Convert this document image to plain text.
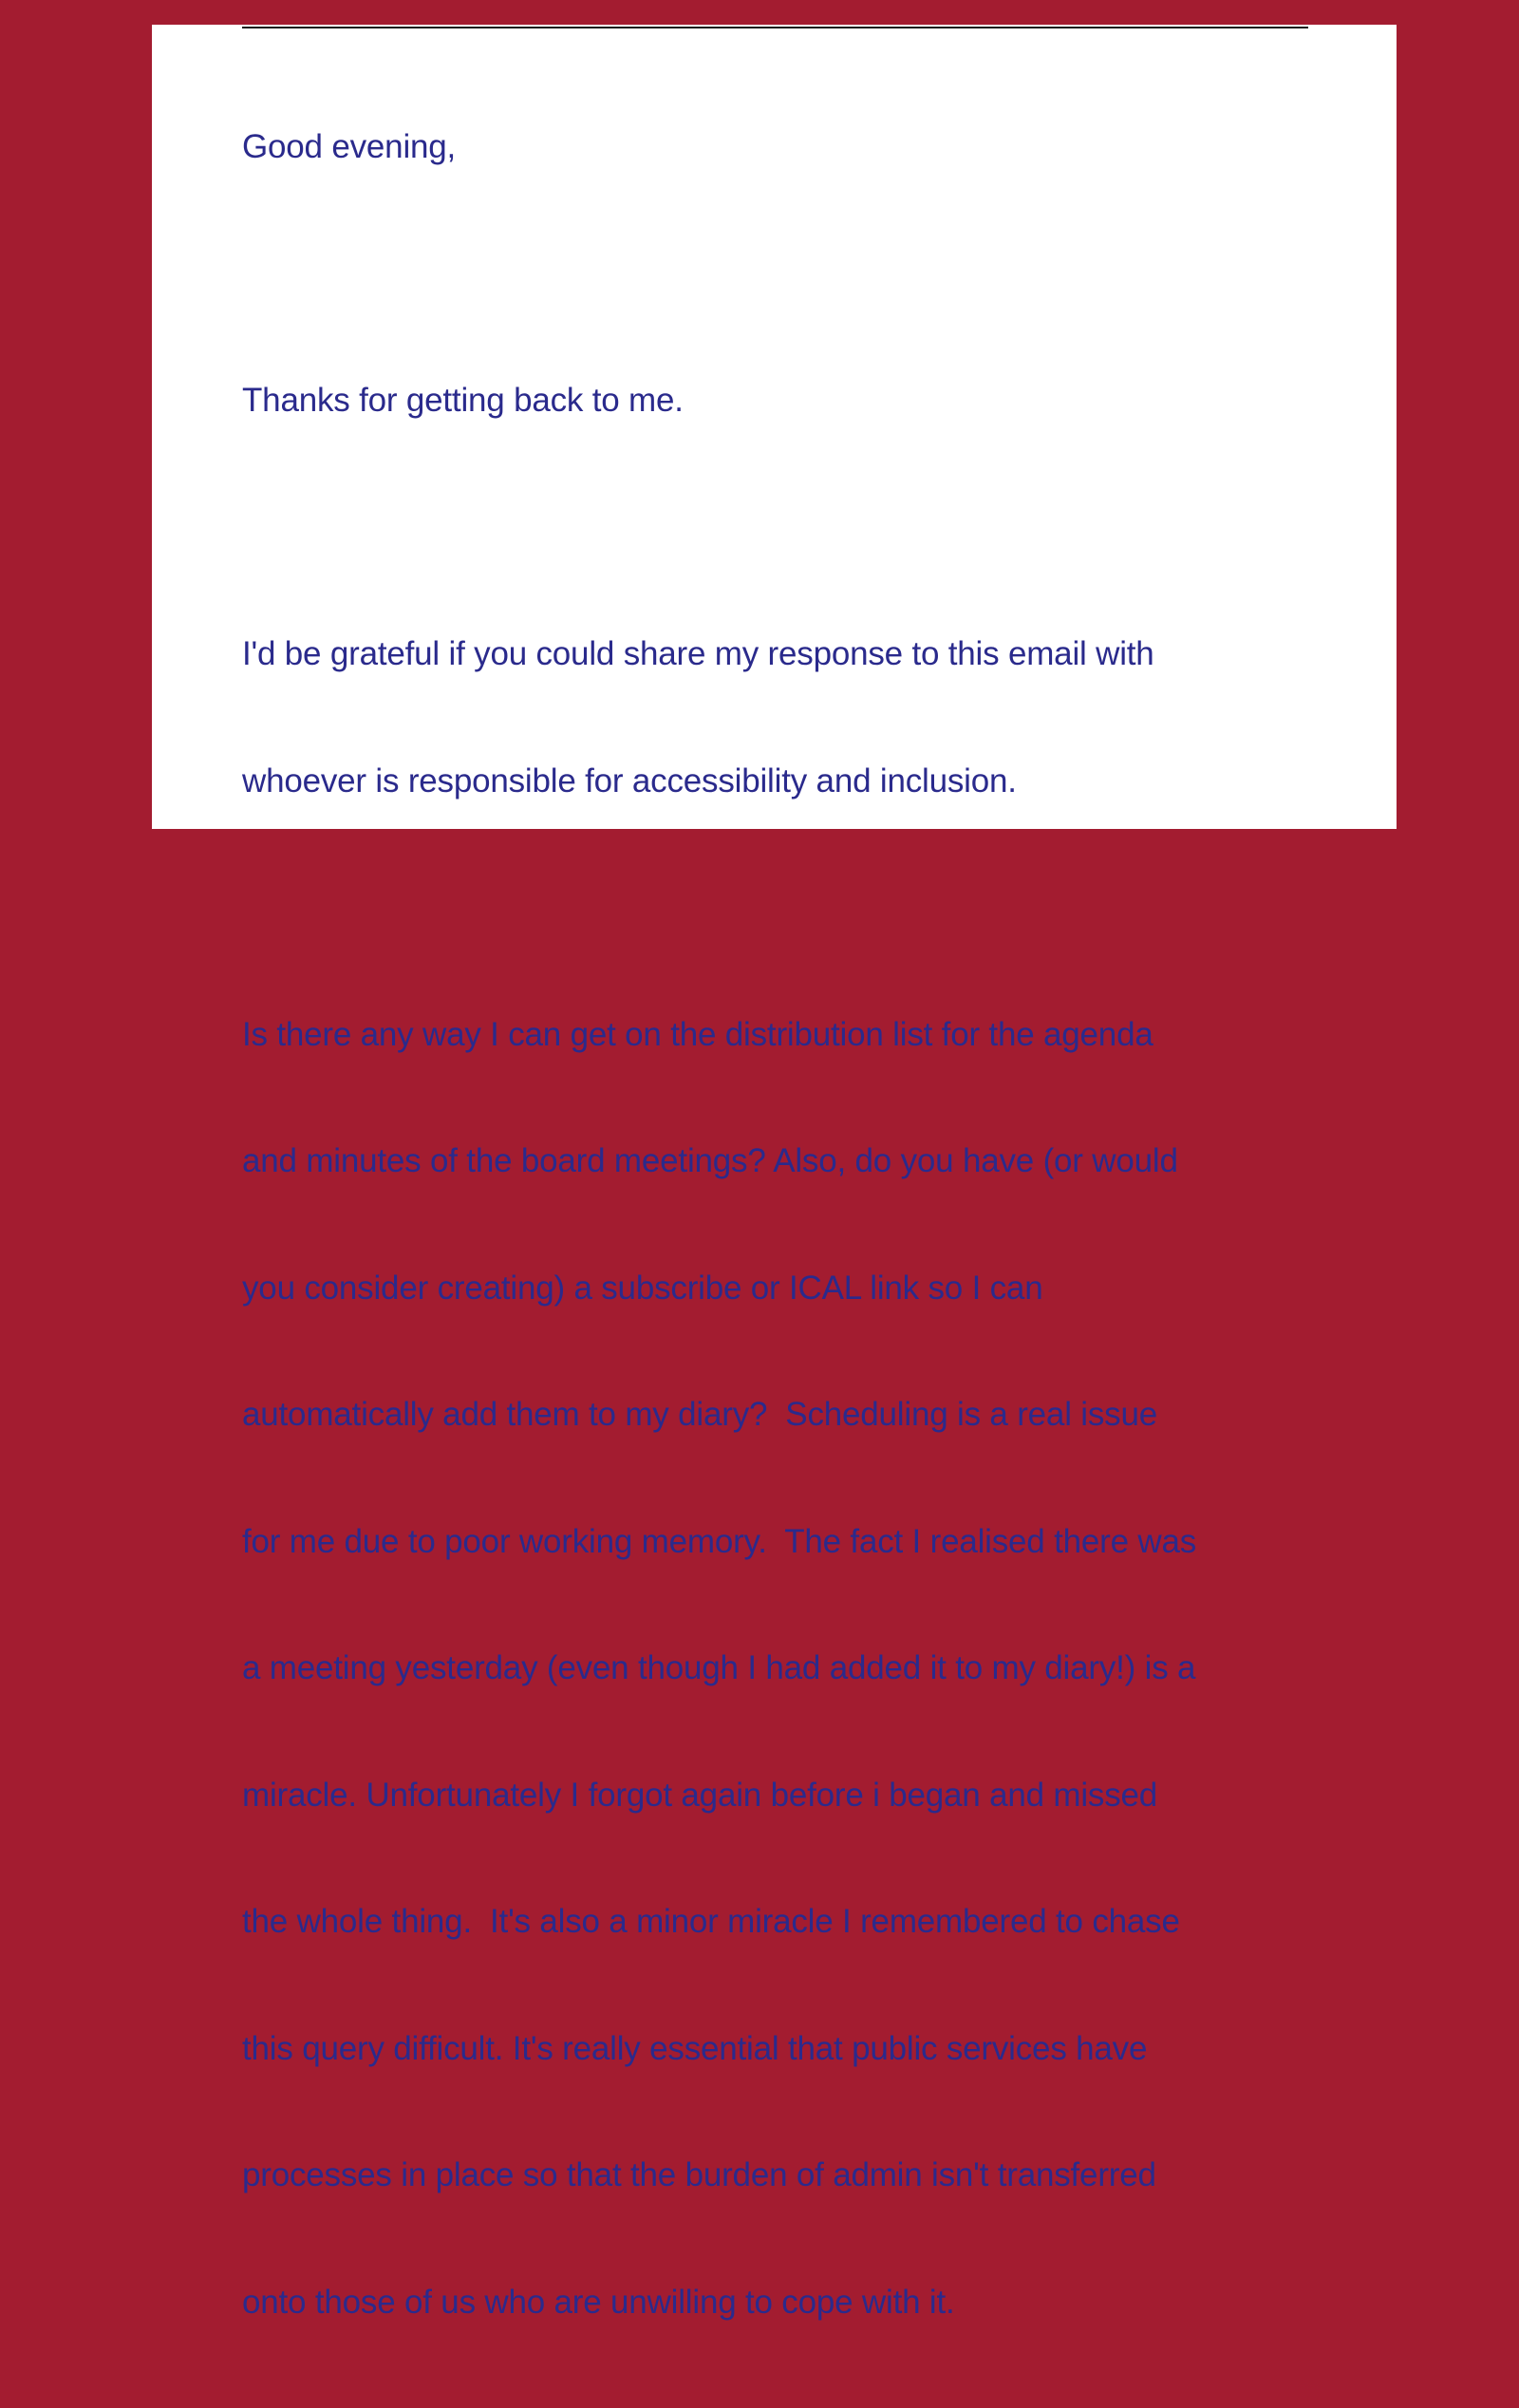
Good evening,

Thanks for getting back to me.

I'd be grateful if you could share my response to this email with

whoever is responsible for accessibility and inclusion.

Is there any way I can get on the distribution list for the agenda

and minutes of the board meetings? Also, do you have (or would

you consider creating) a subscribe or ICAL link so I can

automatically add them to my diary?  Scheduling is a real issue

for me due to poor working memory.  The fact I realised there was

a meeting yesterday (even though I had added it to my diary!) is a

miracle. Unfortunately I forgot again before i began and missed

the whole thing.  It's also a minor miracle I remembered to chase

this query difficult. It's really essential that public services have

processes in place so that the burden of admin isn't transferred

onto those of us who are unwilling to cope with it.
